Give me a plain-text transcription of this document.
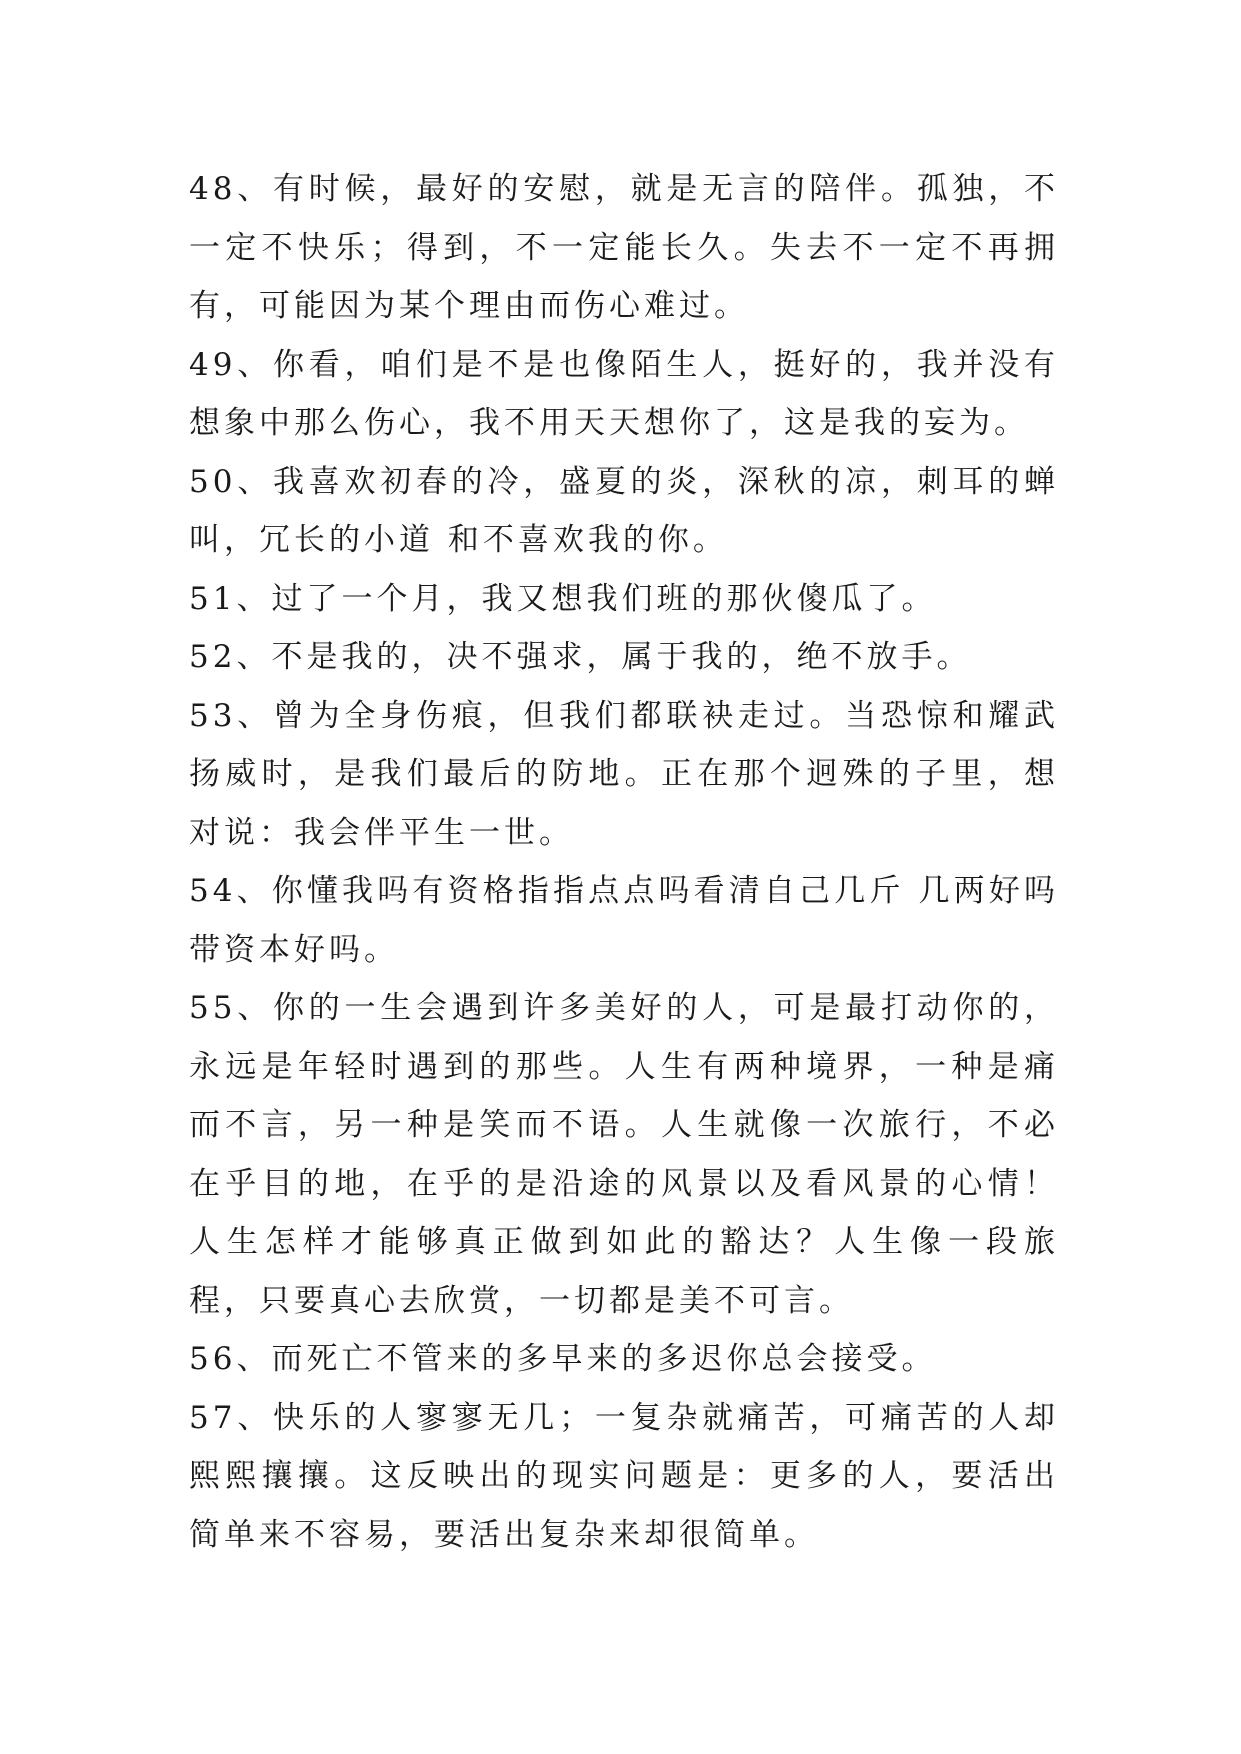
48、有时候，最好的安慰，就是无言的陪伴。孤独，不一定不快乐；得到，不一定能长久。失去不一定不再拥有，可能因为某个理由而伤心难过。

49、你看，咱们是不是也像陌生人，挺好的，我并没有想象中那么伤心，我不用天天想你了，这是我的妄为。

50、我喜欢初春的冷，盛夏的炎，深秋的凉，刺耳的蝉叫，冗长的小道 和不喜欢我的你。

51、过了一个月，我又想我们班的那伙傻瓜了。

52、不是我的，决不强求，属于我的，绝不放手。

53、曾为全身伤痕，但我们都联袂走过。当恐惊和耀武扬威时，是我们最后的防地。正在那个迥殊的子里，想对说：我会伴平生一世。

54、你懂我吗有资格指指点点吗看清自己几斤 几两好吗带资本好吗。

55、你的一生会遇到许多美好的人，可是最打动你的，永远是年轻时遇到的那些。人生有两种境界，一种是痛而不言，另一种是笑而不语。人生就像一次旅行，不必在乎目的地，在乎的是沿途的风景以及看风景的心情！人生怎样才能够真正做到如此的豁达？人生像一段旅程，只要真心去欣赏，一切都是美不可言。

56、而死亡不管来的多早来的多迟你总会接受。

57、快乐的人寥寥无几；一复杂就痛苦，可痛苦的人却熙熙攘攘。这反映出的现实问题是：更多的人，要活出简单来不容易，要活出复杂来却很简单。
